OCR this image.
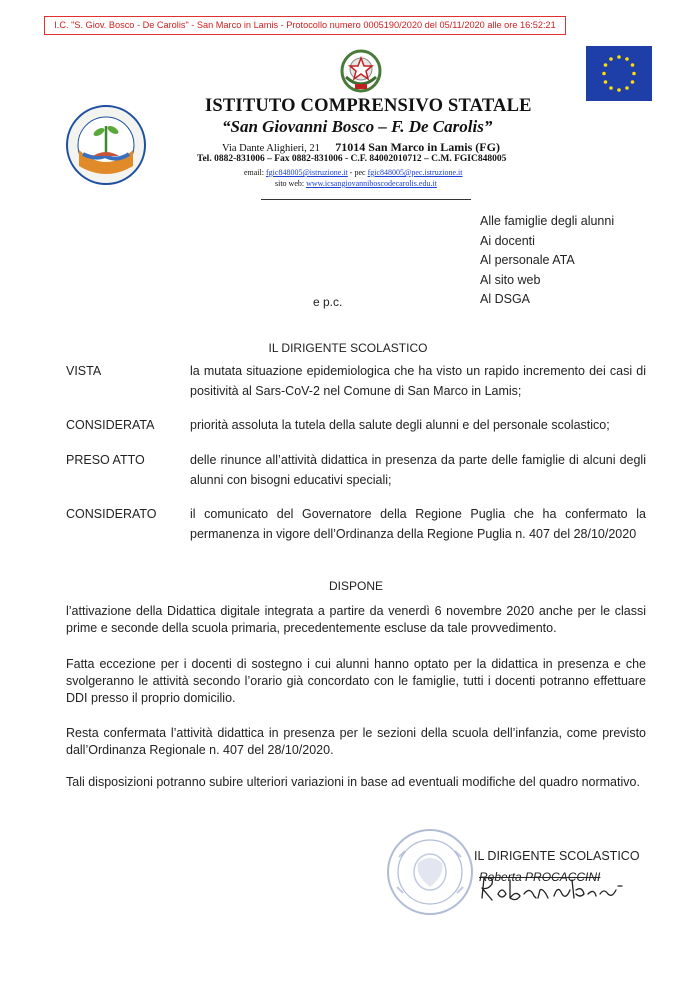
I.C. "S. Giov. Bosco - De Carolis" - San Marco in Lamis - Protocollo numero 0005190/2020 del 05/11/2020 alle ore 16:52:21
ISTITUTO COMPRENSIVO STATALE
“San Giovanni Bosco – F. De Carolis”
Via Dante Alighieri, 21 71014 San Marco in Lamis (FG)
Tel. 0882-831006 – Fax 0882-831006 - C.F. 84002010712 – C.M. FGIC848005
email: fgic848005@istruzione.it - pec fgic848005@pec.istruzione.it
sito web: www.icsangiovanniboscodecarolis.edu.it
Alle famiglie degli alunni
Ai docenti
Al personale ATA
Al sito web
Al DSGA
e p.c.
IL DIRIGENTE SCOLASTICO
VISTA	la mutata situazione epidemiologica che ha visto un rapido incremento dei casi di positività al Sars-CoV-2 nel Comune di San Marco in Lamis;
CONSIDERATA	priorità assoluta la tutela della salute degli alunni e del personale scolastico;
PRESO ATTO	delle rinunce all’attività didattica in presenza da parte delle famiglie di alcuni degli alunni con bisogni educativi speciali;
CONSIDERATO	il comunicato del Governatore della Regione Puglia che ha confermato la permanenza in vigore dell’Ordinanza della Regione Puglia n. 407 del 28/10/2020
DISPONE
l’attivazione della Didattica digitale integrata a partire da venerdì 6 novembre 2020 anche per le classi prime e seconde della scuola primaria, precedentemente escluse da tale provvedimento.
Fatta eccezione per i docenti di sostegno i cui alunni hanno optato per la didattica in presenza e che svolgeranno le attività secondo l’orario già concordato con le famiglie, tutti i docenti potranno effettuare DDI presso il proprio domicilio.
Resta confermata l’attività didattica in presenza per le sezioni della scuola dell’infanzia, come previsto dall’Ordinanza Regionale n. 407 del 28/10/2020.
Tali disposizioni potranno subire ulteriori variazioni in base ad eventuali modifiche del quadro normativo.
IL DIRIGENTE SCOLASTICO
Roberta PROCACCINI
